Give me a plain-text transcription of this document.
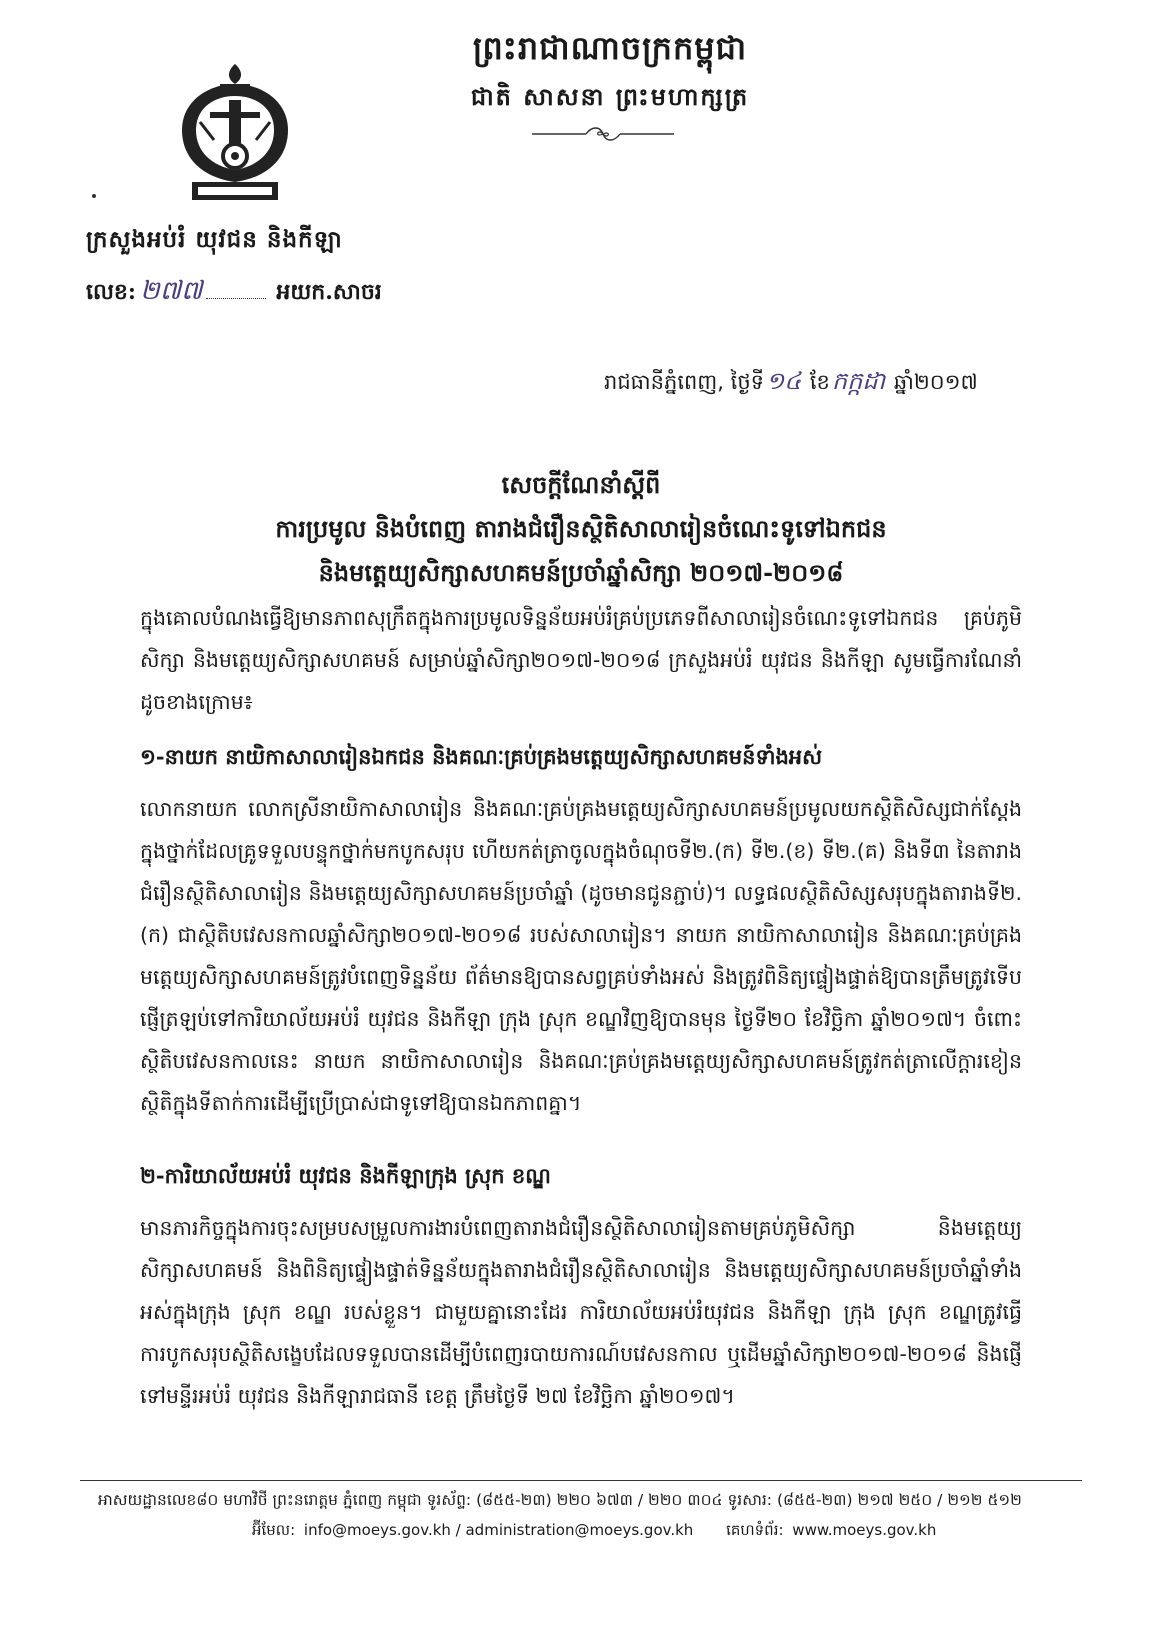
ព្រះរាជាណាចក្រកម្ពុជា
ជាតិ សាសនា ព្រះមហាក្សត្រ
ក្រសួងអប់រំ យុវជន និងកីឡា
លេខ: ២៧៧	អយក.សាចរ
រាជធានីភ្នំពេញ, ថ្ងៃទី១៤ ខែកក្កដា ឆ្នាំ២០១៧
សេចក្តីណែនាំស្តីពី
ការប្រមូល និងបំពេញ តារាងជំរឿនស្ថិតិសាលារៀនចំណេះទូទៅឯកជន
និងមត្តេយ្យសិក្សាសហគមន៍ប្រចាំឆ្នាំសិក្សា ២០១៧-២០១៨
ក្នុងគោលបំណងធ្វើឱ្យមានភាពសុក្រឹតក្នុងការប្រមូលទិន្នន័យអប់រំគ្រប់ប្រភេទពីសាលារៀនចំណេះទូទៅឯកជន គ្រប់ភូមិសិក្សា និងមត្តេយ្យសិក្សាសហគមន៍ សម្រាប់ឆ្នាំសិក្សា២០១៧-២០១៨ ក្រសួងអប់រំ យុវជន និងកីឡា សូមធ្វើការណែនាំដូចខាងក្រោម៖
១-នាយក នាយិកាសាលារៀនឯកជន និងគណៈគ្រប់គ្រងមត្តេយ្យសិក្សាសហគមន៍ទាំងអស់
លោកនាយក លោកស្រីនាយិកាសាលារៀន និងគណៈគ្រប់គ្រងមត្តេយ្យសិក្សាសហគមន៍ប្រមូលយកស្ថិតិសិស្សជាក់ស្តែងក្នុងថ្នាក់ដែលគ្រូទទួលបន្ទុកថ្នាក់មកបូកសរុប ហើយកត់ត្រាចូលក្នុងចំណុចទី២.(ក) ទី២.(ខ) ទី២.(គ) និងទី៣ នៃតារាងជំរឿនស្ថិតិសាលារៀន និងមត្តេយ្យសិក្សាសហគមន៍ប្រចាំឆ្នាំ (ដូចមានជូនភ្ជាប់)។ លទ្ធផលស្ថិតិសិស្សសរុបក្នុងតារាងទី២.(ក) ជាស្ថិតិបវេសនកាលឆ្នាំសិក្សា២០១៧-២០១៨ របស់សាលារៀន។ នាយក នាយិកាសាលារៀន និងគណៈគ្រប់គ្រងមត្តេយ្យសិក្សាសហគមន៍ត្រូវបំពេញទិន្នន័យ ព័ត៌មានឱ្យបានសព្វគ្រប់ទាំងអស់ និងត្រូវពិនិត្យផ្ទៀងផ្ទាត់ឱ្យបានត្រឹមត្រូវទើបផ្ញើត្រឡប់ទៅការិយាល័យអប់រំ យុវជន និងកីឡា ក្រុង ស្រុក ខណ្ឌវិញឱ្យបានមុន ថ្ងៃទី២០ ខែវិច្ឆិកា ឆ្នាំ២០១៧។ ចំពោះស្ថិតិបវេសនកាលនេះ នាយក នាយិកាសាលារៀន និងគណៈគ្រប់គ្រងមត្តេយ្យសិក្សាសហគមន៍ត្រូវកត់ត្រាលើក្តារខៀនស្ថិតិក្នុងទីតាក់ការដើម្បីប្រើប្រាស់ជាទូទៅឱ្យបានឯកភាពគ្នា។
២-ការិយាល័យអប់រំ យុវជន និងកីឡាក្រុង ស្រុក ខណ្ឌ
មានភារកិច្ចក្នុងការចុះសម្របសម្រួលការងារបំពេញតារាងជំរឿនស្ថិតិសាលារៀនតាមគ្រប់ភូមិសិក្សា និងមត្តេយ្យសិក្សាសហគមន៍ និងពិនិត្យផ្ទៀងផ្ទាត់ទិន្នន័យក្នុងតារាងជំរឿនស្ថិតិសាលារៀន និងមត្តេយ្យសិក្សាសហគមន៍ប្រចាំឆ្នាំទាំងអស់ក្នុងក្រុង ស្រុក ខណ្ឌ របស់ខ្លួន។ ជាមួយគ្នានោះដែរ ការិយាល័យអប់រំយុវជន និងកីឡា ក្រុង ស្រុក ខណ្ឌត្រូវធ្វើការបូកសរុបស្ថិតិសង្ខេបដែលទទួលបានដើម្បីបំពេញរបាយការណ៍បវេសនកាល ឬដើមឆ្នាំសិក្សា២០១៧-២០១៨ និងផ្ញើទៅមន្ទីរអប់រំ យុវជន និងកីឡារាជធានី ខេត្ត ត្រឹមថ្ងៃទី ២៧ ខែវិច្ឆិកា ឆ្នាំ២០១៧។
អាសយដ្ឋានលេខ៨០ មហាវិថី ព្រះនរោត្តម ភ្នំពេញ កម្ពុជា ទូរស័ព្ទ: (៨៥៥-២៣) ២២០ ៦៧៣ / ២២០ ៣០៤ ទូរសារ: (៨៥៥-២៣) ២១៧ ២៥០ / ២១២ ៥១២
អ៊ីមែល: info@moeys.gov.kh / administration@moeys.gov.kh គេហទំព័រ: www.moeys.gov.kh
